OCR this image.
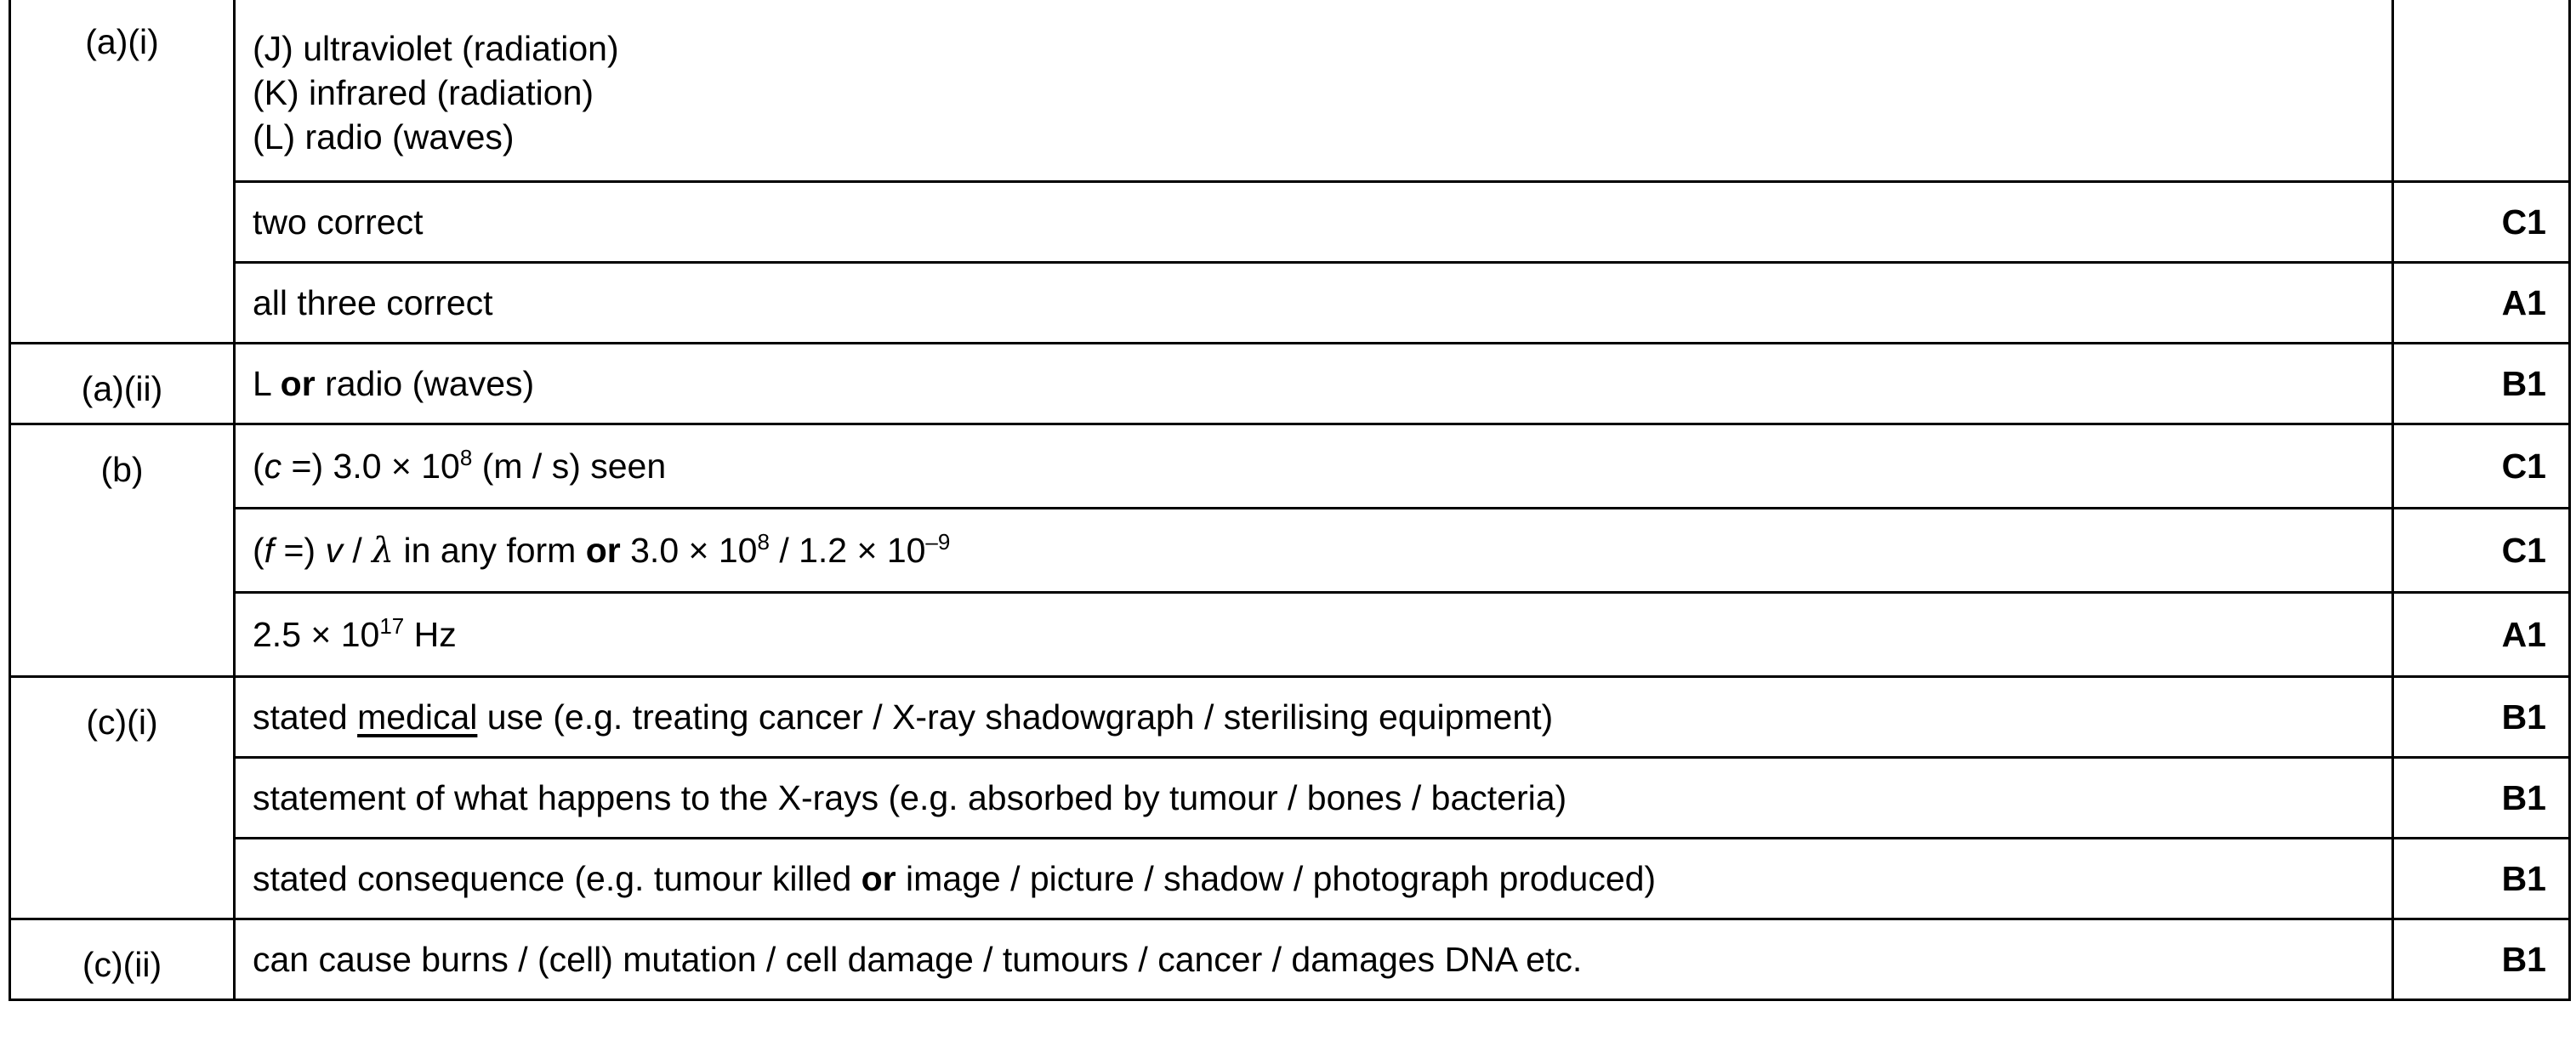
(a)(i)	(J) ultraviolet (radiation)
(K) infrared (radiation)
(L) radio (waves)	

	two correct	C1
	all three correct	A1
(a)(ii)	L or radio (waves)	B1
(b)	(c =) $3.0 \times 10^8$ (m / s) seen	C1
	(f =) v / λ in any form or $3.0 \times 10^8 / 1.2 \times 10^{-9}$	C1
	$2.5 \times 10^{17}$ Hz	A1
(c)(i)	stated medical use (e.g. treating cancer / X-ray shadowgraph / sterilising equipment)	B1
	statement of what happens to the X-rays (e.g. absorbed by tumour / bones / bacteria)	B1
	stated consequence (e.g. tumour killed or image / picture / shadow / photograph produced)	B1
(c)(ii)	can cause burns / (cell) mutation / cell damage / tumours / cancer / damages DNA etc.	B1
